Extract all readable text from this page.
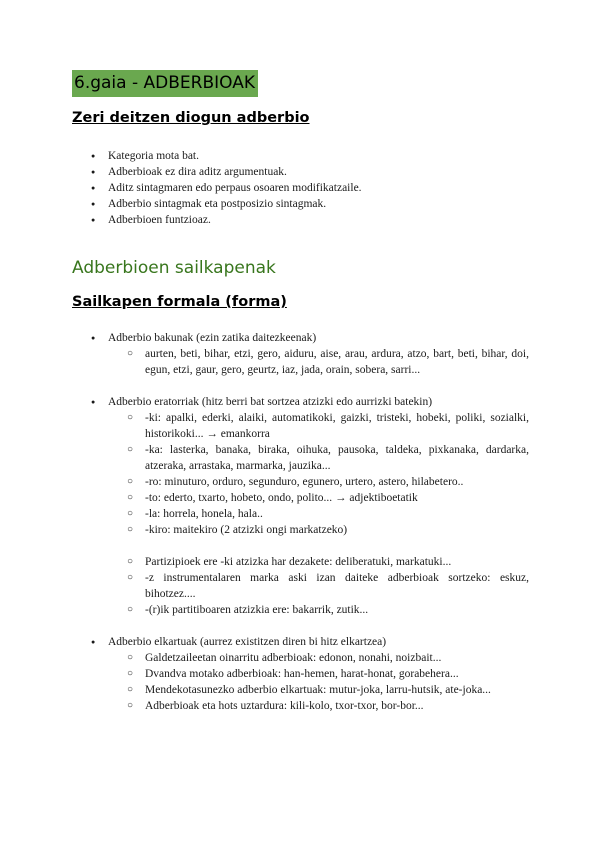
6.gaia - ADBERBIOAK
Zeri deitzen diogun adberbio
● Kategoria mota bat.
● Adberbioak ez dira aditz argumentuak.
● Aditz sintagmaren edo perpaus osoaren modifikatzaile.
● Adberbio sintagmak eta postposizio sintagmak.
● Adberbioen funtzioaz.
Adberbioen sailkapenak
Sailkapen formala (forma)
● Adberbio bakunak (ezin zatika daitezkeenak)
○ aurten, beti, bihar, etzi, gero, aiduru, aise, arau, ardura, atzo, bart, beti, bihar, doi, egun, etzi, gaur, gero, geurtz, iaz, jada, orain, sobera, sarri...
● Adberbio eratorriak (hitz berri bat sortzea atzizki edo aurrizki batekin)
○ -ki: apalki, ederki, alaiki, automatikoki, gaizki, tristeki, hobeki, poliki, sozialki, historikoki... → emankorra
○ -ka: lasterka, banaka, biraka, oihuka, pausoka, taldeka, pixkanaka, dardarka, atzeraka, arrastaka, marmarka, jauzika...
○ -ro: minuturo, orduro, segunduro, egunero, urtero, astero, hilabetero..
○ -to: ederto, txarto, hobeto, ondo, polito... → adjektiboetatik
○ -la: horrela, honela, hala..
○ -kiro: maitekiro (2 atzizki ongi markatzeko)
○ Partizipioek ere -ki atzizka har dezakete: deliberatuki, markatuki...
○ -z instrumentalaren marka aski izan daiteke adberbioak sortzeko: eskuz, bihotzez....
○ -(r)ik partitiboaren atzizkia ere: bakarrik, zutik...
● Adberbio elkartuak (aurrez existitzen diren bi hitz elkartzea)
○ Galdetzaileetan oinarritu adberbioak: edonon, nonahi, noizbait...
○ Dvandva motako adberbioak: han-hemen, harat-honat, gorabehera...
○ Mendekotasunezko adberbio elkartuak: mutur-joka, larru-hutsik, ate-joka...
○ Adberbioak eta hots uztardura: kili-kolo, txor-txor, bor-bor...
